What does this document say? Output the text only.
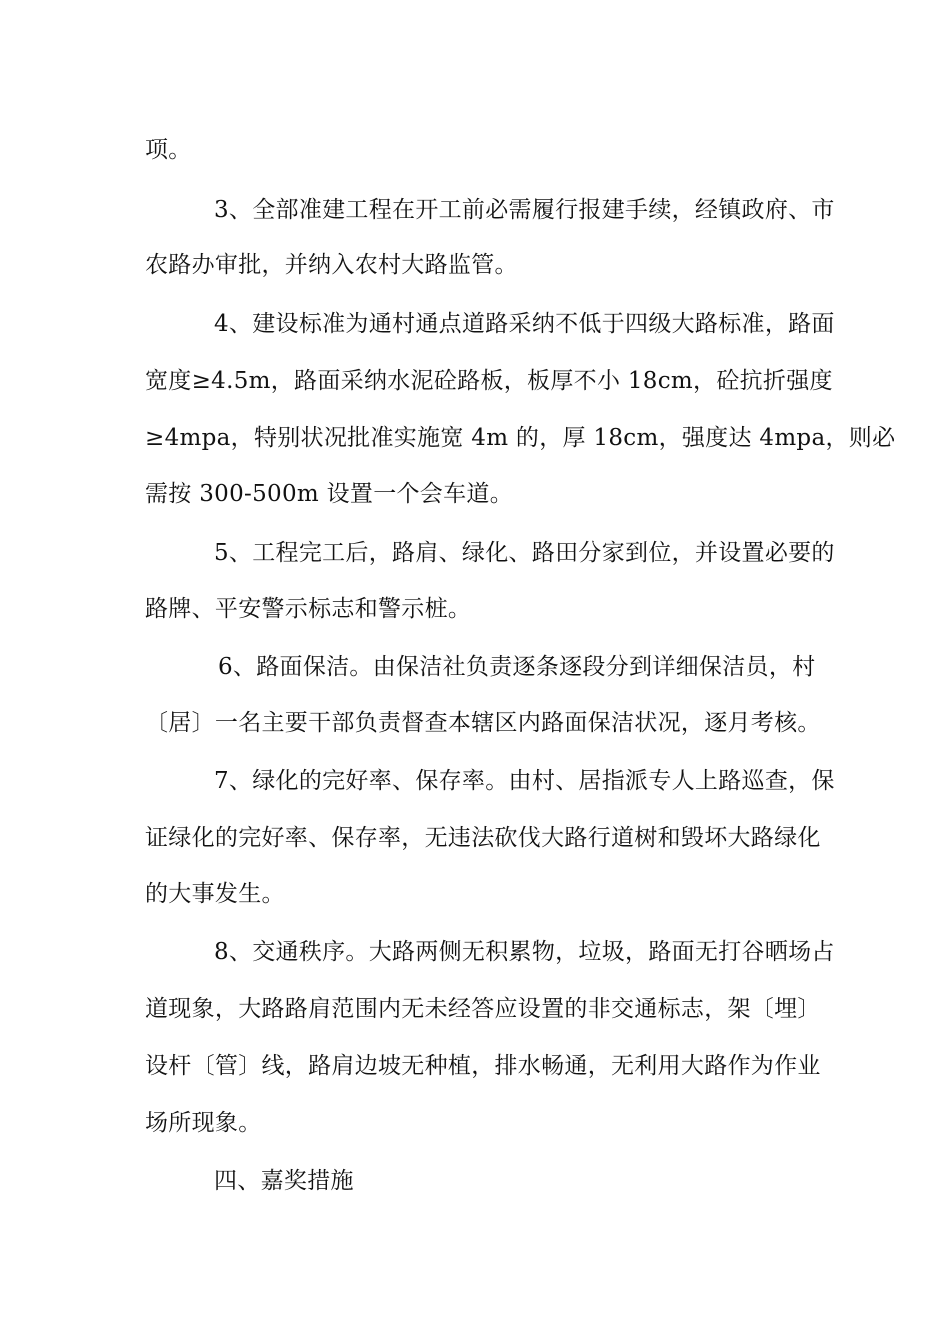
项。
3、全部准建工程在开工前必需履行报建手续，经镇政府、市
农路办审批，并纳入农村大路监管。
4、建设标准为通村通点道路采纳不低于四级大路标准，路面
宽度≥4.5m，路面采纳水泥砼路板，板厚不小 18cm，砼抗折强度
≥4mpa，特别状况批准实施宽 4m 的，厚 18cm，强度达 4mpa，则必
需按 300-500m 设置一个会车道。
5、工程完工后，路肩、绿化、路田分家到位，并设置必要的
路牌、平安警示标志和警示桩。
6、路面保洁。由保洁社负责逐条逐段分到详细保洁员，村
〔居〕一名主要干部负责督查本辖区内路面保洁状况，逐月考核。
7、绿化的完好率、保存率。由村、居指派专人上路巡查，保
证绿化的完好率、保存率，无违法砍伐大路行道树和毁坏大路绿化
的大事发生。
8、交通秩序。大路两侧无积累物，垃圾，路面无打谷晒场占
道现象，大路路肩范围内无未经答应设置的非交通标志，架〔埋〕
设杆〔管〕线，路肩边坡无种植，排水畅通，无利用大路作为作业
场所现象。
四、嘉奖措施
